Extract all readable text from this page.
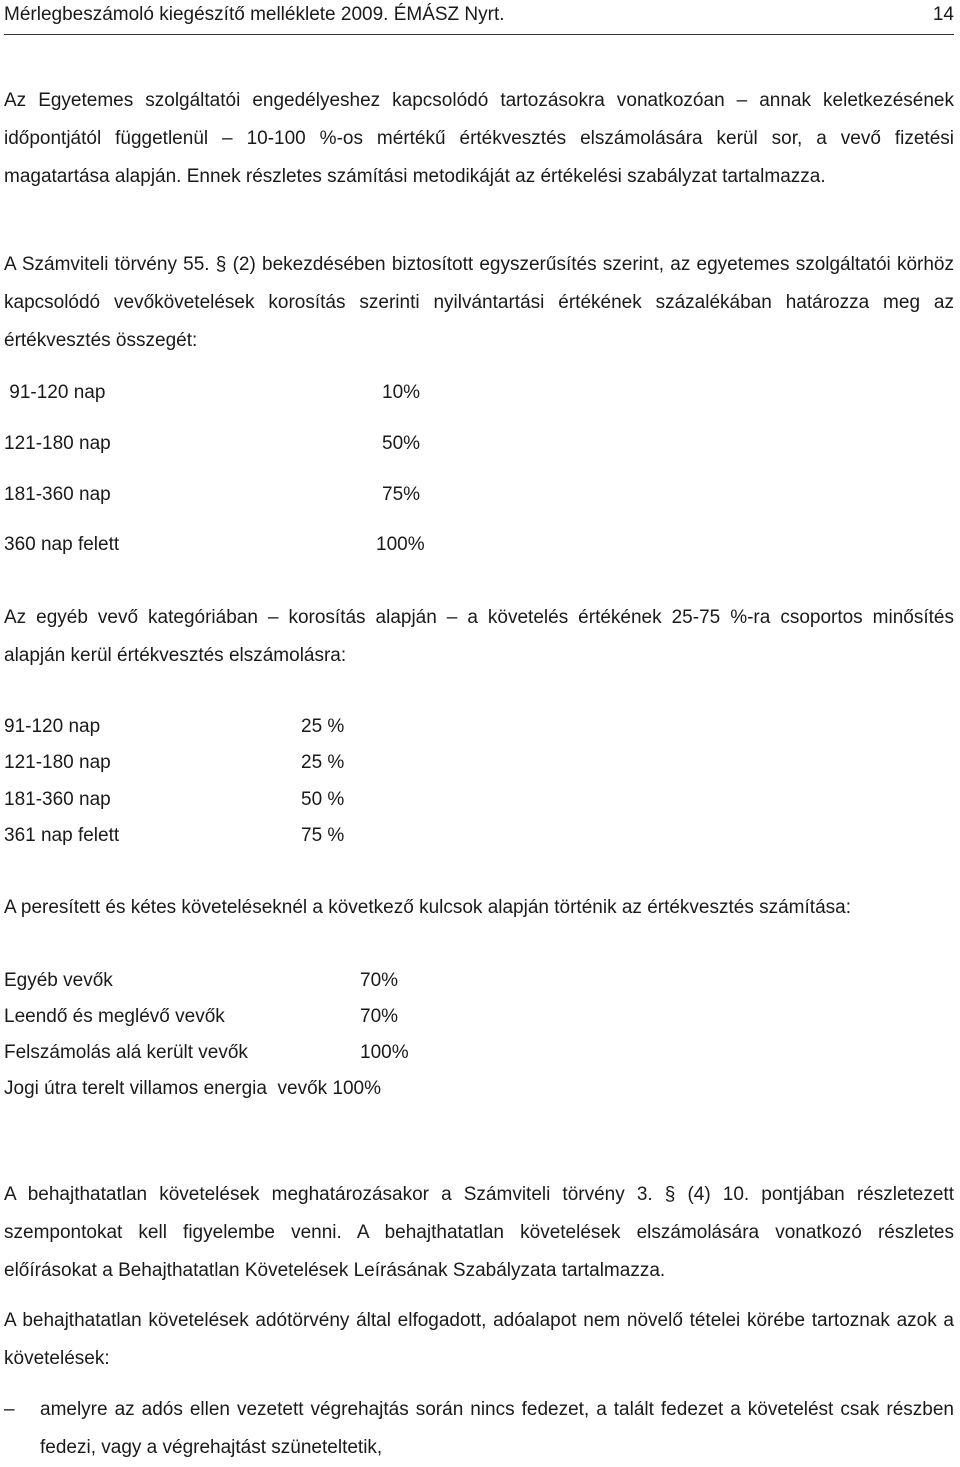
Mérlegbeszámoló kiegészítő melléklete 2009. ÉMÁSZ Nyrt.	14

Az Egyetemes szolgáltatói engedélyeshez kapcsolódó tartozásokra vonatkozóan – annak keletkezésének időpontjától függetlenül – 10-100 %-os mértékű értékvesztés elszámolására kerül sor, a vevő fizetési magatartása alapján. Ennek részletes számítási metodikáját az értékelési szabályzat tartalmazza.

A Számviteli törvény 55. § (2) bekezdésében biztosított egyszerűsítés szerint, az egyetemes szolgáltatói körhöz kapcsolódó vevőkövetelések korosítás szerinti nyilvántartási értékének százalékában határozza meg az értékvesztés összegét:

91-120 nap	10%
121-180 nap	50%
181-360 nap	75%
360 nap felett	100%

Az egyéb vevő kategóriában – korosítás alapján – a követelés értékének 25-75 %-ra csoportos minősítés alapján kerül értékvesztés elszámolásra:

91-120 nap	25 %
121-180 nap	25 %
181-360 nap	50 %
361 nap felett	75 %

A peresített és kétes követeléseknél a következő kulcsok alapján történik az értékvesztés számítása:

Egyéb vevők	70%
Leendő és meglévő vevők	70%
Felszámolás alá került vevők	100%
Jogi útra terelt villamos energia  vevők 100%

A behajthatatlan követelések meghatározásakor a Számviteli törvény 3. § (4) 10. pontjában részletezett szempontokat kell figyelembe venni. A behajthatatlan követelések elszámolására vonatkozó részletes előírásokat a Behajthatatlan Követelések Leírásának Szabályzata tartalmazza.

A behajthatatlan követelések adótörvény által elfogadott, adóalapot nem növelő tételei körébe tartoznak azok a követelések:

– amelyre az adós ellen vezetett végrehajtás során nincs fedezet, a talált fedezet a követelést csak részben fedezi, vagy a végrehajtást szüneteltetik,
